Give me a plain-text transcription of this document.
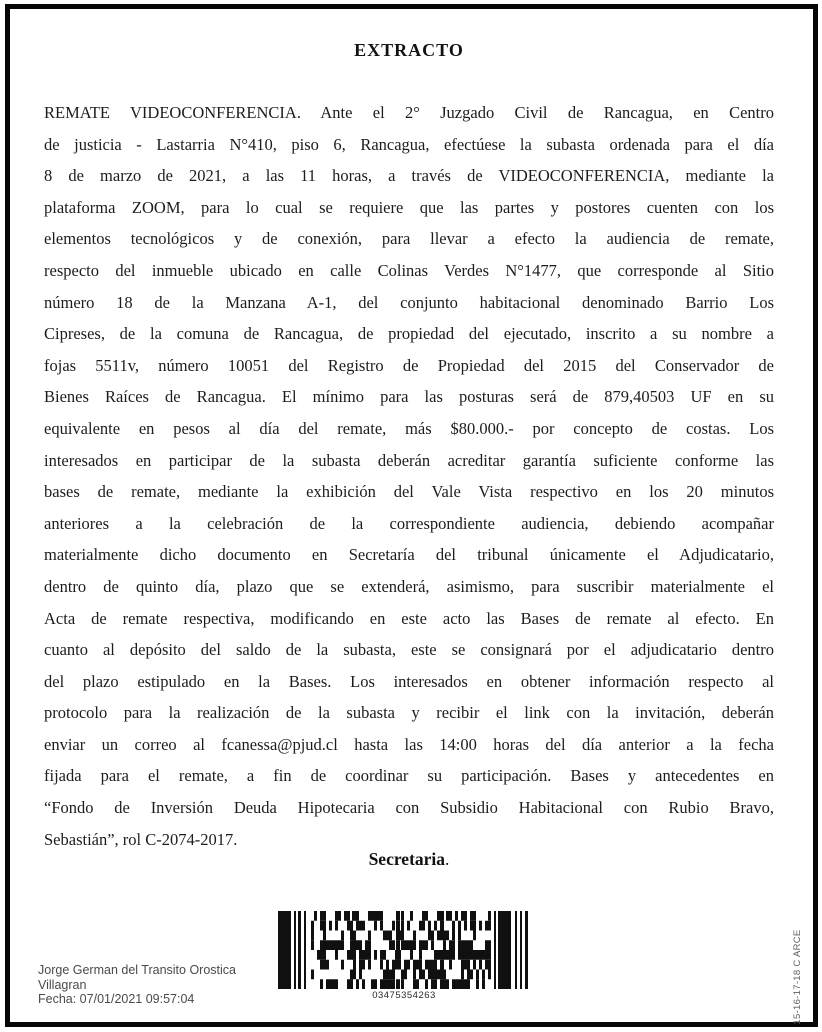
EXTRACTO
REMATE VIDEOCONFERENCIA. Ante el 2° Juzgado Civil de Rancagua, en Centro
de justicia - Lastarria N°410, piso 6, Rancagua, efectúese la subasta ordenada para el día
8 de marzo de 2021, a las 11 horas, a través de VIDEOCONFERENCIA, mediante la
plataforma ZOOM, para lo cual se requiere que las partes y postores cuenten con los
elementos tecnológicos y de conexión, para llevar a efecto la audiencia de remate,
respecto del inmueble ubicado en calle Colinas Verdes N°1477, que corresponde al Sitio
número 18 de la Manzana A-1, del conjunto habitacional denominado Barrio Los
Cipreses, de la comuna de Rancagua, de propiedad del ejecutado, inscrito a su nombre a
fojas 5511v, número 10051 del Registro de Propiedad del 2015 del Conservador de
Bienes Raíces de Rancagua. El mínimo para las posturas será de 879,40503 UF en su
equivalente en pesos al día del remate, más $80.000.- por concepto de costas. Los
interesados en participar de la subasta deberán acreditar garantía suficiente conforme las
bases de remate, mediante la exhibición del Vale Vista respectivo en los 20 minutos
anteriores a la celebración de la correspondiente audiencia, debiendo acompañar
materialmente dicho documento en Secretaría del tribunal únicamente el Adjudicatario,
dentro de quinto día, plazo que se extenderá, asimismo, para suscribir materialmente el
Acta de remate respectiva, modificando en este acto las Bases de remate al efecto. En
cuanto al depósito del saldo de la subasta, este se consignará por el adjudicatario dentro
del plazo estipulado en la Bases. Los interesados en obtener información respecto al
protocolo para la realización de la subasta y recibir el link con la invitación, deberán
enviar un correo al fcanessa@pjud.cl hasta las 14:00 horas del día anterior a la fecha
fijada para el remate, a fin de coordinar su participación. Bases y antecedentes en
“Fondo de Inversión Deuda Hipotecaria con Subsidio Habitacional con Rubio Bravo,
Sebastián”, rol C-2074-2017.
Secretaria.
03475354263
Jorge German del Transito Orostica
Villagran
Fecha: 07/01/2021 09:57:04	15-16-17-18 C ARCE
